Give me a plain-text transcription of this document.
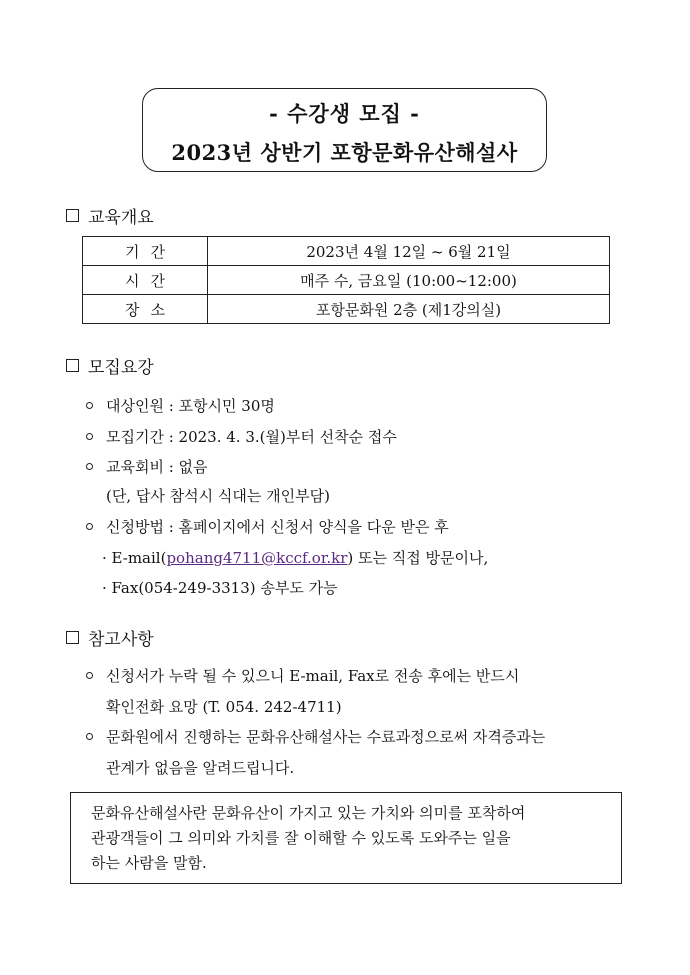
- 수강생 모집 -
2023년 상반기 포항문화유산해설사
교육개요
기 간	2023년 4월 12일 ~ 6월 21일

시 간	매주 수, 금요일 (10:00~12:00)

장 소	포항문화원 2층 (제1강의실)
모집요강
대상인원 : 포항시민 30명
모집기간 : 2023. 4. 3.(월)부터 선착순 접수
교육회비 : 없음
(단, 답사 참석시 식대는 개인부담)
신청방법 : 홈페이지에서 신청서 양식을 다운 받은 후
· E-mail(pohang4711@kccf.or.kr) 또는 직접 방문이나,
· Fax(054-249-3313) 송부도 가능
참고사항
신청서가 누락 될 수 있으니 E-mail, Fax로 전송 후에는 반드시
확인전화 요망 (T. 054. 242-4711)
문화원에서 진행하는 문화유산해설사는 수료과정으로써 자격증과는
관계가 없음을 알려드립니다.
문화유산해설사란 문화유산이 가지고 있는 가치와 의미를 포착하여
관광객들이 그 의미와 가치를 잘 이해할 수 있도록 도와주는 일을
하는 사람을 말함.
